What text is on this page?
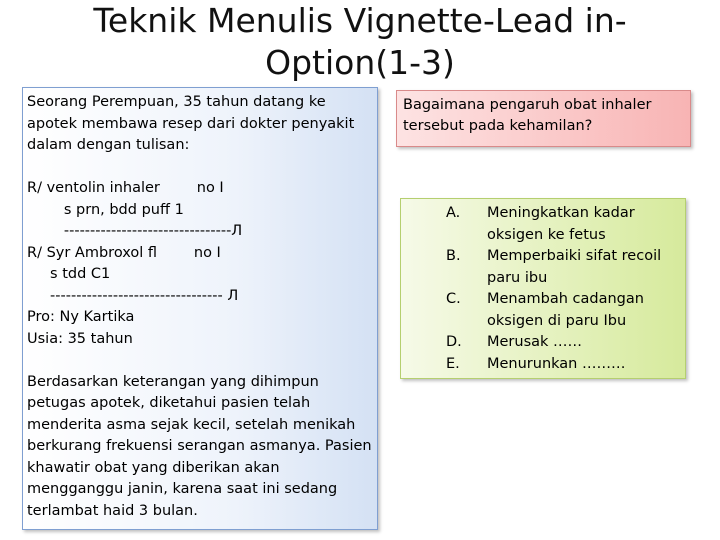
Teknik Menulis Vignette-Lead in-
Option(1-3)

Seorang Perempuan, 35 tahun datang ke apotek membawa resep dari dokter penyakit dalam dengan tulisan:

R/ ventolin inhaler        no I
s prn, bdd puff 1
--------------------------------Л
R/ Syr Ambroxol fl        no I
s tdd C1
--------------------------------- Л
Pro: Ny Kartika
Usia: 35 tahun

Berdasarkan keterangan yang dihimpun petugas apotek, diketahui pasien telah menderita asma sejak kecil, setelah menikah berkurang frekuensi serangan asmanya. Pasien khawatir obat yang diberikan akan mengganggu janin, karena saat ini sedang terlambat haid 3 bulan.

Bagaimana pengaruh obat inhaler tersebut pada kehamilan?
A. Meningkatkan kadar oksigen ke fetus
B. Memperbaiki sifat recoil paru ibu
C. Menambah cadangan oksigen di paru Ibu
D. Merusak ……
E. Menurunkan ………
